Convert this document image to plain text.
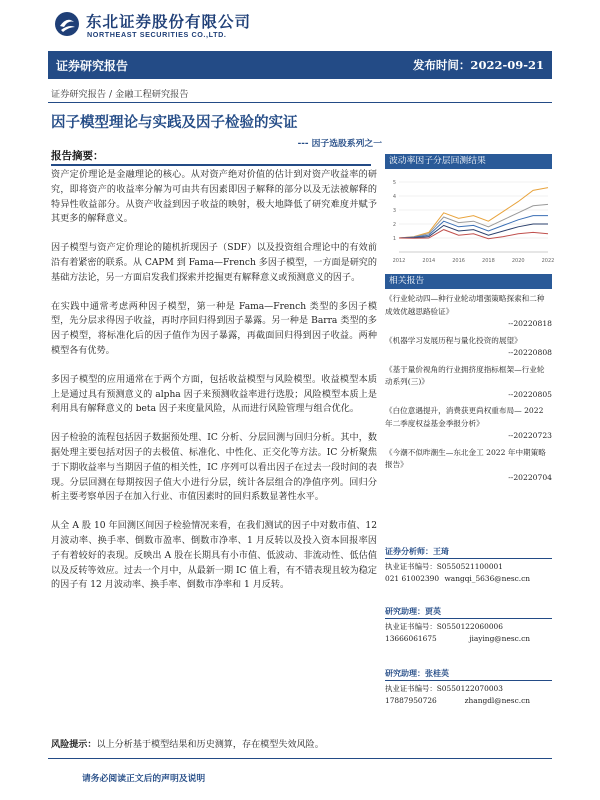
东北证券股份有限公司
NORTHEAST SECURITIES CO.,LTD.
证券研究报告	发布时间：2022-09-21
证券研究报告 / 金融工程研究报告
因子模型理论与实践及因子检验的实证
--- 因子选股系列之一
报告摘要：

资产定价理论是金融理论的核心。从对资产绝对价值的估计到对资产收益率的研究，即将资产的收益率分解为可由共有因素即因子解释的部分以及无法被解释的特异性收益部分。从资产收益到因子收益的映射，极大地降低了研究难度并赋予其更多的解释意义。

因子模型与资产定价理论的随机折现因子（SDF）以及投资组合理论中的有效前沿有着紧密的联系。从 CAPM 到 Fama—French 多因子模型，一方面是研究的基础方法论，另一方面启发我们探索并挖掘更有解释意义或预测意义的因子。

在实践中通常考虑两种因子模型，第一种是 Fama—French 类型的多因子模型，先分层求得因子收益，再时序回归得到因子暴露。另一种是 Barra 类型的多因子模型，将标准化后的因子值作为因子暴露，再截面回归得到因子收益。两种模型各有优势。

多因子模型的应用通常在于两个方面，包括收益模型与风险模型。收益模型本质上是通过具有预测意义的 alpha 因子来预测收益率进行选股；风险模型本质上是利用具有解释意义的 beta 因子来度量风险，从而进行风险管理与组合优化。

因子检验的流程包括因子数据预处理、IC 分析、分层回测与回归分析。其中，数据处理主要包括对因子的去极值、标准化、中性化、正交化等方法。IC 分析聚焦于下期收益率与当期因子值的相关性，IC 序列可以看出因子在过去一段时间的表现。分层回测在每期按因子值大小进行分层，统计各层组合的净值序列。回归分析主要考察单因子在加入行业、市值因素时的回归系数显著性水平。

从全 A 股 10 年回测区间因子检验情况来看，在我们测试的因子中对数市值、12 月波动率、换手率、倒数市盈率、倒数市净率、1 月反转以及投入资本回报率因子有着较好的表现。反映出 A 股在长期具有小市值、低波动、非流动性、低估值以及反转等效应。过去一个月中，从最新一期 IC 值上看，有不错表现且较为稳定的因子有 12 月波动率、换手率、倒数市净率和 1 月反转。

波动率因子分层回测结果
1
2
3
4
5
2012	2014	2016	2018	2020	2022
相关报告
《行业轮动四—种行业轮动增强策略探索和二种成效优越思路验证》
--20220818
《机器学习发展历程与量化投资的展望》
--20220808
《基于量价视角的行业拥挤度指标框架—行业轮动系列(三)》
--20220805
《白位意遇提升，消费获更尚权重布局— 2022 年二季度权益基金季报分析》
--20220723
《今潮不似昨潮生—东北金工 2022 年中期策略报告》
--20220704
证券分析师：王琦
执业证书编号：S0550521100001
021 61002390 wangqi_5636@nesc.cn
研究助理：贾英
执业证书编号：S0550122060006
13666061675	jiaying@nesc.cn
研究助理：张桂英
执业证书编号：S0550122070003
17887950726	zhangdl@nesc.cn
风险提示：以上分析基于模型结果和历史测算，存在模型失效风险。
请务必阅读正文后的声明及说明
